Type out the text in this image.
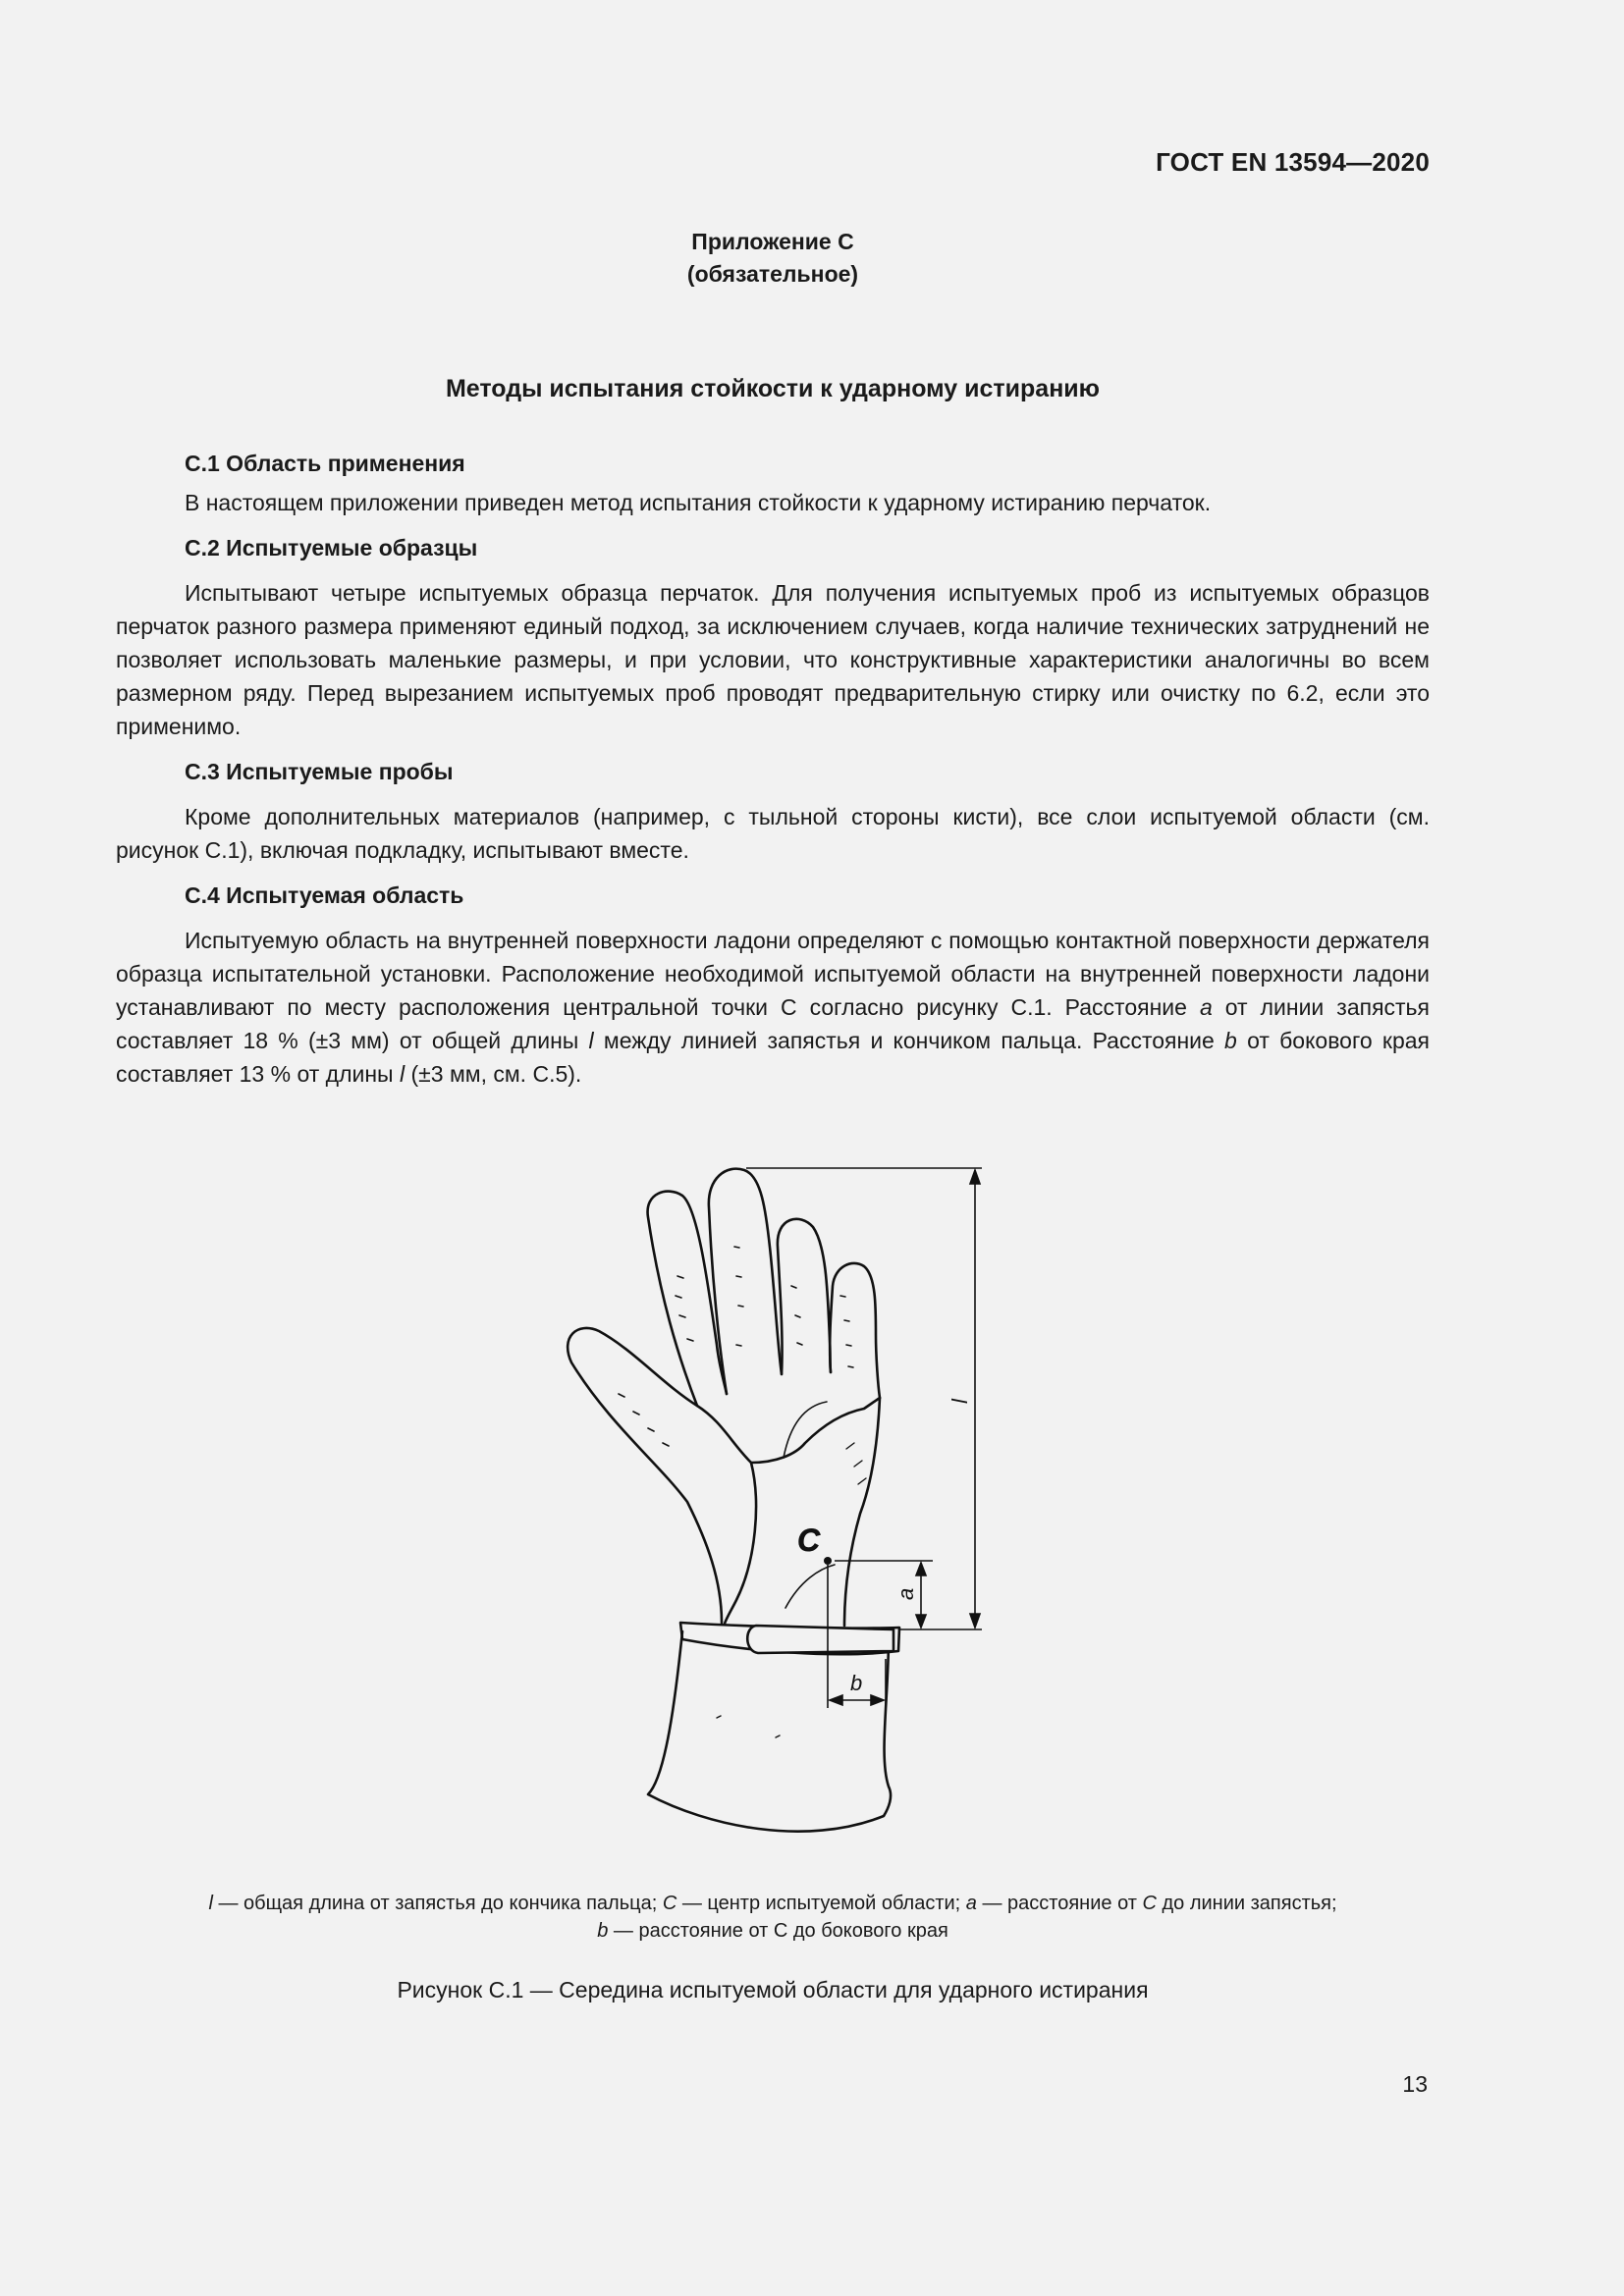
ГОСТ EN 13594—2020
Приложение С
(обязательное)
Методы испытания стойкости к ударному истиранию
С.1 Область применения

В настоящем приложении приведен метод испытания стойкости к ударному истиранию перчаток.

С.2 Испытуемые образцы

Испытывают четыре испытуемых образца перчаток. Для получения испытуемых проб из испытуемых образцов перчаток разного размера применяют единый подход, за исключением случаев, когда наличие технических затруднений не позволяет использовать маленькие размеры, и при условии, что конструктивные характеристики аналогичны во всем размерном ряду. Перед вырезанием испытуемых проб проводят предварительную стирку или очистку по 6.2, если это применимо.

С.3 Испытуемые пробы

Кроме дополнительных материалов (например, с тыльной стороны кисти), все слои испытуемой области (см. рисунок С.1), включая подкладку, испытывают вместе.

С.4 Испытуемая область

Испытуемую область на внутренней поверхности ладони определяют с помощью контактной поверхности держателя образца испытательной установки. Расположение необходимой испытуемой области на внутренней поверхности ладони устанавливают по месту расположения центральной точки С согласно рисунку С.1. Расстояние a от линии запястья составляет 18 % (±3 мм) от общей длины l между линией запястья и кончиком пальца. Расстояние b от бокового края составляет 13 % от длины l (±3 мм, см. С.5).

C
b
a
l
l — общая длина от запястья до кончика пальца; C — центр испытуемой области; a — расстояние от C до линии запястья;
b — расстояние от С до бокового края
Рисунок С.1 — Середина испытуемой области для ударного истирания
13
